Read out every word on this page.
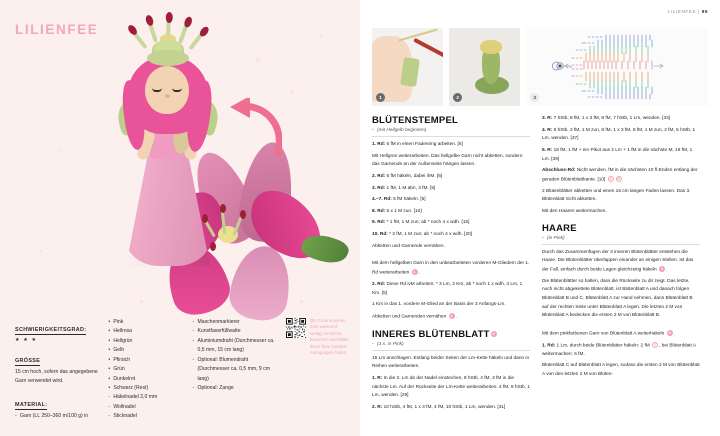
LILIENFEE
SCHWIERIGKEITSGRAD:
★ ★ ★
GRÖSSE
15 cm hoch, sofern das angegebene Garn verwendet wird.
MATERIAL:
- Garn (LL 250–360 m/100 g) in
• Pink
• Hellrosa
• Hellgrün
• Gelb
• Pfirsich
• Grün
• Dunkelrot
• Schwarz (Rest)
- Häkelnadel 2,0 mm
- Wollnadel
- Sticknadel
- Maschenmarkierer
- Kunstfaserfüllwatte
- Aluminiumdraht (Durchmesser ca. 0,5 mm, 15 cm lang)
- Optional: Blumendraht (Durchmesser ca. 0,5 mm, 9 cm lang)
- Optional: Zange
QR-Code scannen oder www.emf-verlag.com/5310 besuchen und Bilder feiner bzw. kreative Anregungen finden.
LILIENFEE | 95
1	2	3
BLÜTENSTEMPEL
• (mit Hellgelb beginnen)

1. Rd: 6 fM in einen Fadenring arbeiten. [6]

Mit Hellgrün weiterarbeiten. Das hellgelbe Garn nicht abketten, sondern das Garnende an der Außenseite hängen lassen.

2. Rd: 6 fM häkeln, dabei ihM. [6]

3. Rd: 1 fM, 1 M abn, 3 fM. [5]

4.–7. Rd: 5 fM häkeln. [5]

8. Rd: 5 x 1 M zun. [10]

9. Rd: * 1 fM, 1 M zun; ab * noch 4 x wdh. [15]

10. Rd: * 2 fM, 1 M zun; ab * noch 4 x wdh. [20]

Abketten und Garnende vernähen.

Mit dem hellgelben Garn in den unbearbeiteten vorderen M-Gliedern der 1. Rd weiterarbeiten 1 .

2. Rd: Diese Rd ivM arbeiten: * 3 Lm, 2 Km; ab * noch 1 x wdh, 3 Lm, 1 Km. [5]

1 Km in das 1. vordere M-Glied an der Basis der 3 Anfangs-Lm.

Abketten und Garnenden vernähen 2 .

INNERES BLÜTENBLATT 3
• (3 x, in Pink)

15 Lm anschlagen. Entlang beider Seiten der Lm-Kette häkeln und dann in Reihen weiterarbeiten.

1. R: In die 2. Lm ab der Nadel einstechen, 9 hStb, 4 fM, 3 fM in die nächste Lm. Auf der Rückseite der Lm-Kette weiterarbeiten. 4 fM, 9 hStb, 1 Lm, wenden. [29]

2. R: 10 hStb, 4 fM, 1 x 3 fM, 4 fM, 10 hStb, 1 Lm, wenden. [31]

3. R: 7 hStb, 8 fM, 1 x 3 fM, 8 fM, 7 hStb, 1 Lm, wenden. [33]

4. R: 5 hStb, 2 fM, 1 M zun, 8 fM, 1 x 3 fM, 8 fM, 1 M zun, 2 fM, 5 hStb, 1 Lm, wenden. [37]

5. R: 18 fM, 1 fM + ein Pikot aus 2 Lm + 1 fM in die nächste M, 18 fM, 1 Lm. [39]

Abschluss-Rd: Nicht wenden, fM in die nächsten 10 fl-Enden entlang der geraden Blütenblattkante. [10] A B

2 Blütenblätter abketten und einen 15 cm langen Faden lassen. Das 3. Blütenblatt nicht abketten.

Mit den Haaren weitermachen.

HAARE
• (in Pink)

Durch das Zusammenfügen der 3 inneren Blütenblätter entstehen die Haare. Die Blütenblätter überlappen einander an einigen Stellen. Ist das der Fall, einfach durch beide Lagen gleichzeitig häkeln 4 .

Die Blütenblätter so halten, dass die Rückseite zu dir zeigt. Das letzte, noch nicht abgekettete Blütenblatt, ist Blütenblatt A und danach folgen Blütenblatt B und C. Blütenblatt A zur Hand nehmen, dann Blütenblatt B auf der rechten Seite unter Blütenblatt A legen. Die letzten 2 M von Blütenblatt A bedecken die ersten 2 M von Blütenblatt B.

Mit dem pinkfarbenen Garn von Blütenblatt A weiterhäkeln 5 .

1. Rd: 1 Lm, durch beide Blütenblätter häkeln: 2 fM C , bei Blütenblatt A weitermachen: 6 fM.

Blütenblatt C auf Blütenblatt A legen, sodass die ersten 2 M von Blütenblatt A von den letzten 2 M von Blüten-
